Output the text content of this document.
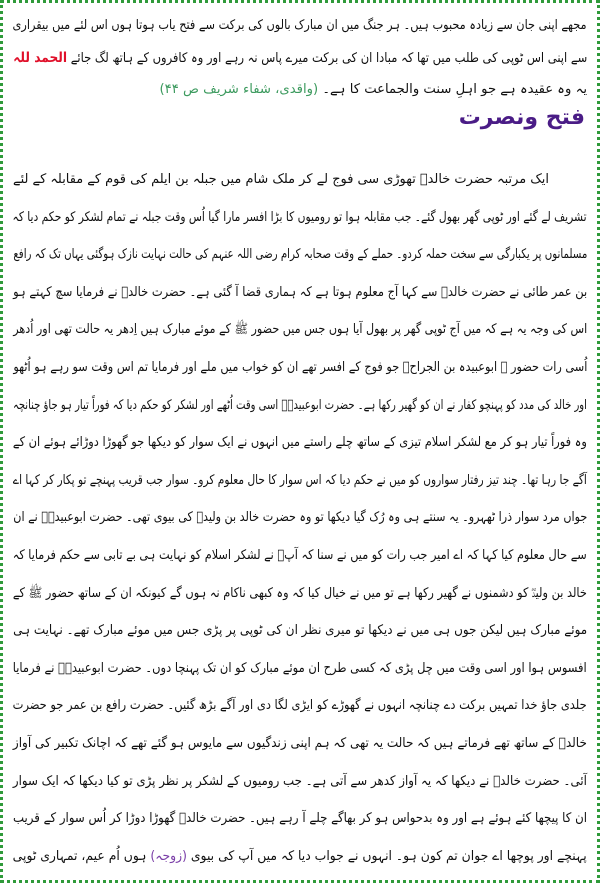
مجھے اپنی جان سے زیادہ محبوب ہیں۔ ہر جنگ میں ان مبارک بالوں کی برکت سے فتح یاب ہوتا ہوں اس لئے میں بیقراری
سے اپنی اس ٹوپی کی طلب میں تھا کہ مبادا ان کی برکت میرے پاس نہ رہے اور وہ کافروں کے ہاتھ لگ جائے الحمد للہ
یہ وہ عقیدہ ہے جو اہلِ سنت والجماعت کا ہے۔ (واقدی، شفاء شریف ص ۴۴)
فتح ونصرت
ایک مرتبہ حضرت خالدؓ تھوڑی سی فوج لے کر ملک شام میں جبلہ بن ایلم کی قوم کے مقابلہ کے لئے
تشریف لے گئے اور ٹوپی گھر بھول گئے۔ جب مقابلہ ہوا تو رومیوں کا بڑا افسر مارا گیا اُس وقت جبلہ نے تمام لشکر کو حکم دیا کہ
مسلمانوں پر یکبارگی سے سخت حملہ کردو۔ حملے کے وقت صحابہ کرام رضی اللہ عنہم کی حالت نہایت نازک ہوگئی یہاں تک کہ رافع
بن عمر طائی نے حضرت خالدؓ سے کہا آج معلوم ہوتا ہے کہ ہماری قضا آ گئی ہے۔ حضرت خالدؓ نے فرمایا سچ کہتے ہو
اس کی وجہ یہ ہے کہ میں آج ٹوپی گھر پر بھول آیا ہوں جس میں حضور ﷺ کے موئے مبارک ہیں اِدھر یہ حالت تھی اور اُدھر
اُسی رات حضور ﷺ ابوعبیدہ بن الجراحؓ جو فوج کے افسر تھے ان کو خواب میں ملے اور فرمایا تم اس وقت سو رہے ہو اُٹھو
اور خالد کی مدد کو پہنچو کفار نے ان کو گھیر رکھا ہے۔ حضرت ابوعبیدہؓ اسی وقت اُٹھے اور لشکر کو حکم دیا کہ فوراً تیار ہو جاؤ چنانچہ
وہ فوراً تیار ہو کر مع لشکر اسلام تیزی کے ساتھ چلے راستے میں انہوں نے ایک سوار کو دیکھا جو گھوڑا دوڑائے ہوئے ان کے
آگے جا رہا تھا۔ چند تیز رفتار سواروں کو میں نے حکم دیا کہ اس سوار کا حال معلوم کرو۔ سوار جب قریب پہنچے تو پکار کر کہا اے
جواں مرد سوار ذرا ٹھہرو۔ یہ سنتے ہی وہ رُک گیا دیکھا تو وہ حضرت خالد بن ولیدؓ کی بیوی تھی۔ حضرت ابوعبیدہؓ نے ان
سے حال معلوم کیا کہا کہ اے امیر جب رات کو میں نے سنا کہ آپؓ نے لشکر اسلام کو نہایت ہی بے تابی سے حکم فرمایا کہ
خالد بن ولیدؓ کو دشمنوں نے گھیر رکھا ہے تو میں نے خیال کیا کہ وہ کبھی ناکام نہ ہوں گے کیونکہ ان کے ساتھ حضور ﷺ کے
موئے مبارک ہیں لیکن جوں ہی میں نے دیکھا تو میری نظر ان کی ٹوپی پر پڑی جس میں موئے مبارک تھے۔ نہایت ہی
افسوس ہوا اور اسی وقت میں چل پڑی کہ کسی طرح ان موئے مبارک کو ان تک پہنچا دوں۔ حضرت ابوعبیدہؓ نے فرمایا
جلدی جاؤ خدا تمہیں برکت دے چنانچہ انہوں نے گھوڑے کو ایڑی لگا دی اور آگے بڑھ گئیں۔ حضرت رافع بن عمر جو حضرت
خالدؓ کے ساتھ تھے فرماتے ہیں کہ حالت یہ تھی کہ ہم اپنی زندگیوں سے مایوس ہو گئے تھے کہ اچانک تکبیر کی آواز
آئی۔ حضرت خالدؓ نے دیکھا کہ یہ آواز کدھر سے آتی ہے۔ جب رومیوں کے لشکر پر نظر پڑی تو کیا دیکھا کہ ایک سوار
ان کا پیچھا کئے ہوئے ہے اور وہ بدحواس ہو کر بھاگے چلے آ رہے ہیں۔ حضرت خالدؓ گھوڑا دوڑا کر اُس سوار کے قریب
پہنچے اور پوچھا اے جوان تم کون ہو۔ انہوں نے جواب دیا کہ میں آپ کی بیوی (زوجہ) ہوں اُم عیم، تمہاری ٹوپی
